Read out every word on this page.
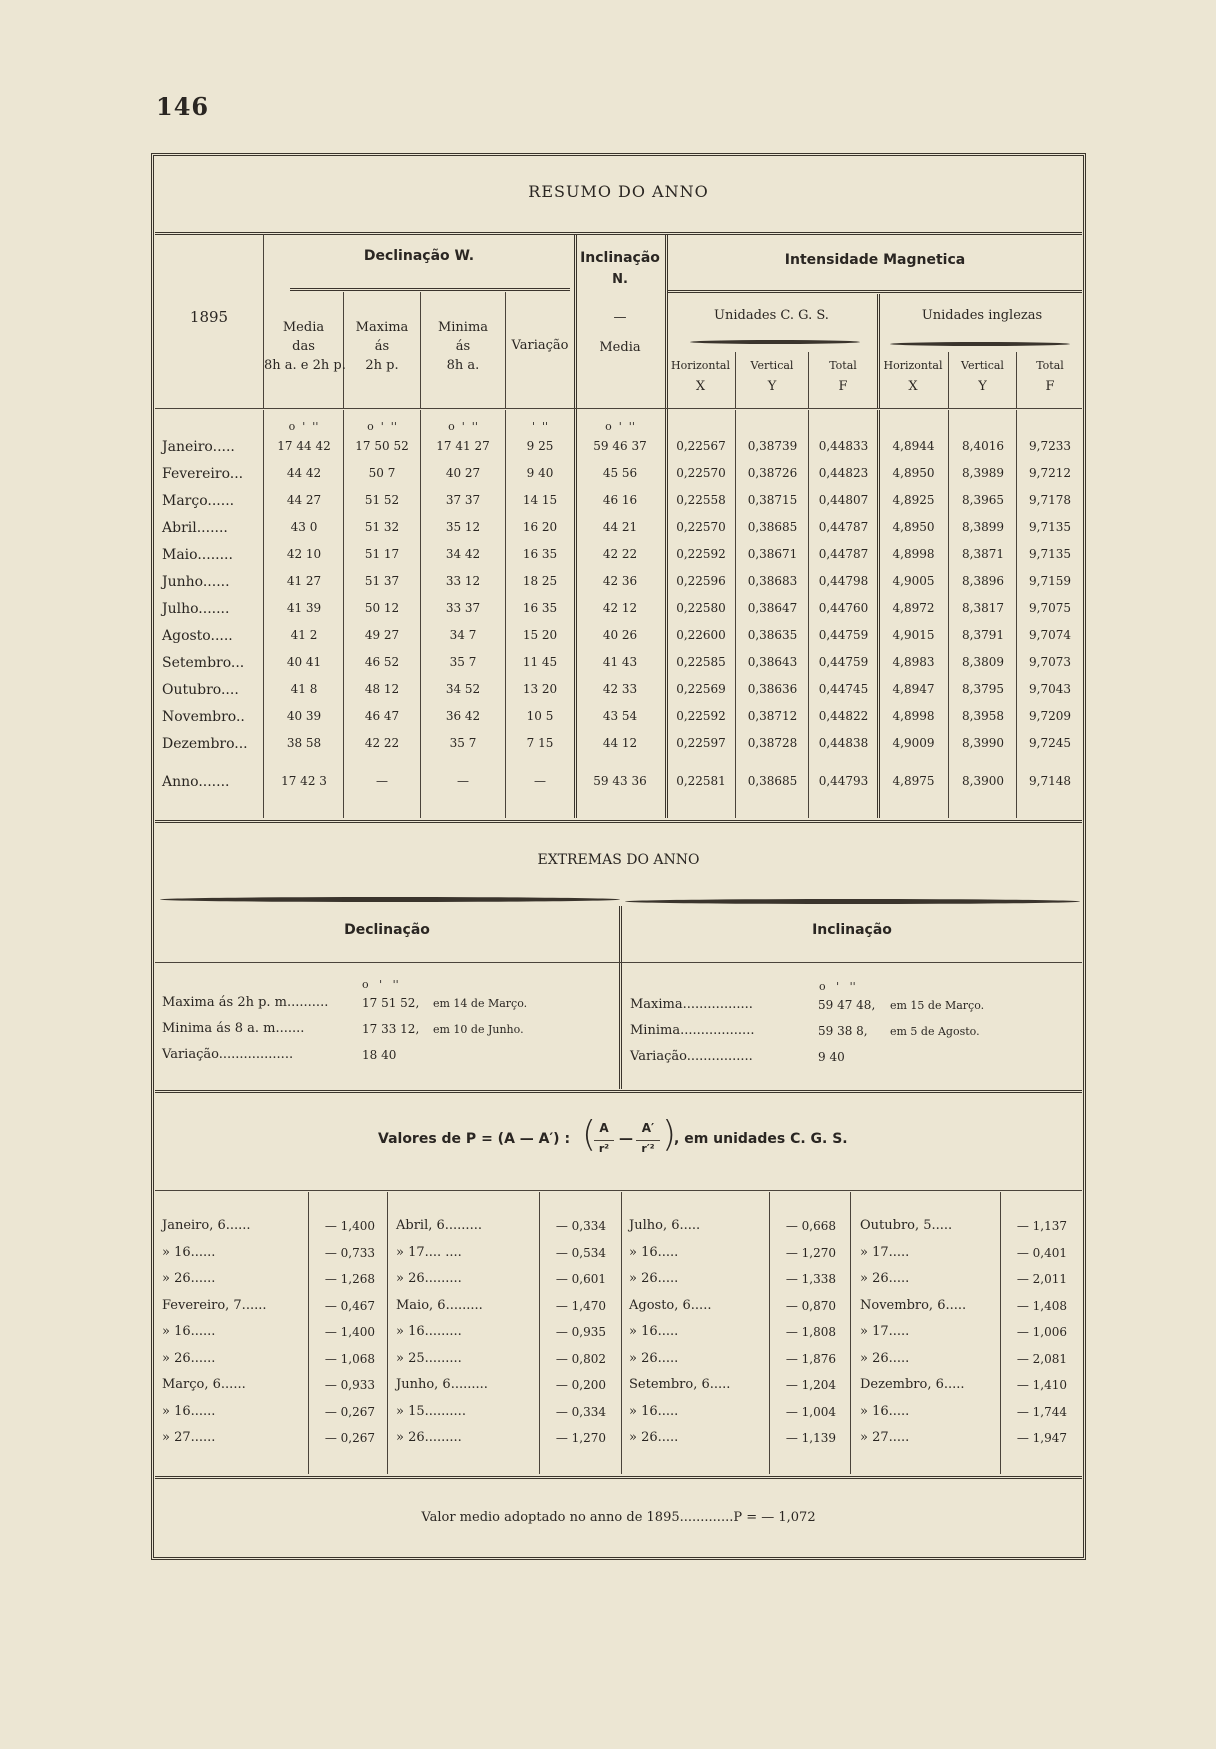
146
RESUMO DO ANNO
1895
Declinação W.	Inclinação
N.
—
Media
Intensidade Magnetica
Media
das
8h a. e 2h p.
Maxima
ás
2h p.
Minima
ás
8h a.
Variação
Unidades C. G. S.	Unidades inglezas
Horizontal
X
Vertical
Y
Total
F
Horizontal
X
Vertical
Y
Total
F
o  '  ''	o  '  ''	o  '  ''	'  ''	o  '  ''
Janeiro.....	17 44 42	17 50 52	17 41 27	9 25	59 46 37	0,22567	0,38739	0,44833	4,8944	8,4016	9,7233
Fevereiro...	44 42	50 7	40 27	9 40	45 56	0,22570	0,38726	0,44823	4,8950	8,3989	9,7212
Março......	44 27	51 52	37 37	14 15	46 16	0,22558	0,38715	0,44807	4,8925	8,3965	9,7178
Abril.......	43 0	51 32	35 12	16 20	44 21	0,22570	0,38685	0,44787	4,8950	8,3899	9,7135
Maio........	42 10	51 17	34 42	16 35	42 22	0,22592	0,38671	0,44787	4,8998	8,3871	9,7135
Junho......	41 27	51 37	33 12	18 25	42 36	0,22596	0,38683	0,44798	4,9005	8,3896	9,7159
Julho.......	41 39	50 12	33 37	16 35	42 12	0,22580	0,38647	0,44760	4,8972	8,3817	9,7075
Agosto.....	41 2	49 27	34 7	15 20	40 26	0,22600	0,38635	0,44759	4,9015	8,3791	9,7074
Setembro...	40 41	46 52	35 7	11 45	41 43	0,22585	0,38643	0,44759	4,8983	8,3809	9,7073
Outubro....	41 8	48 12	34 52	13 20	42 33	0,22569	0,38636	0,44745	4,8947	8,3795	9,7043
Novembro..	40 39	46 47	36 42	10 5	43 54	0,22592	0,38712	0,44822	4,8998	8,3958	9,7209
Dezembro...	38 58	42 22	35 7	7 15	44 12	0,22597	0,38728	0,44838	4,9009	8,3990	9,7245
Anno.......	17 42 3	—	—	—	59 43 36	0,22581	0,38685	0,44793	4,8975	8,3900	9,7148
EXTREMAS DO ANNO
Declinação	Inclinação
o   '   ''	o   '   ''
Maxima ás 2h p. m..........	17 51 52, em 14 de Março.
Minima ás 8 a. m.......	17 33 12, em 10 de Junho.
Variação..................	18 40
Maxima.................	59 47 48, em 15 de Março.
Minima..................	59 38 8, em 5 de Agosto.
Variação................	9 40
Valores de P = (A — A′) : ( A
r²
—
A′
r′² )
, em unidades C. G. S.
Janeiro, 6......	— 1,400
» 16......	— 0,733
» 26......	— 1,268
Fevereiro, 7......	— 0,467
» 16......	— 1,400
» 26......	— 1,068
Março, 6......	— 0,933
» 16......	— 0,267
» 27......	— 0,267
Abril, 6.........	— 0,334
» 17.... ....	— 0,534
» 26.........	— 0,601
Maio, 6.........	— 1,470
» 16.........	— 0,935
» 25.........	— 0,802
Junho, 6.........	— 0,200
» 15..........	— 0,334
» 26.........	— 1,270
Julho, 6.....	— 0,668
» 16.....	— 1,270
» 26.....	— 1,338
Agosto, 6.....	— 0,870
» 16.....	— 1,808
» 26.....	— 1,876
Setembro, 6.....	— 1,204
» 16.....	— 1,004
» 26.....	— 1,139
Outubro, 5.....	— 1,137
» 17.....	— 0,401
» 26.....	— 2,011
Novembro, 6.....	— 1,408
» 17.....	— 1,006
» 26.....	— 2,081
Dezembro, 6.....	— 1,410
» 16.....	— 1,744
» 27.....	— 1,947
Valor medio adoptado no anno de 1895.............P = — 1,072
